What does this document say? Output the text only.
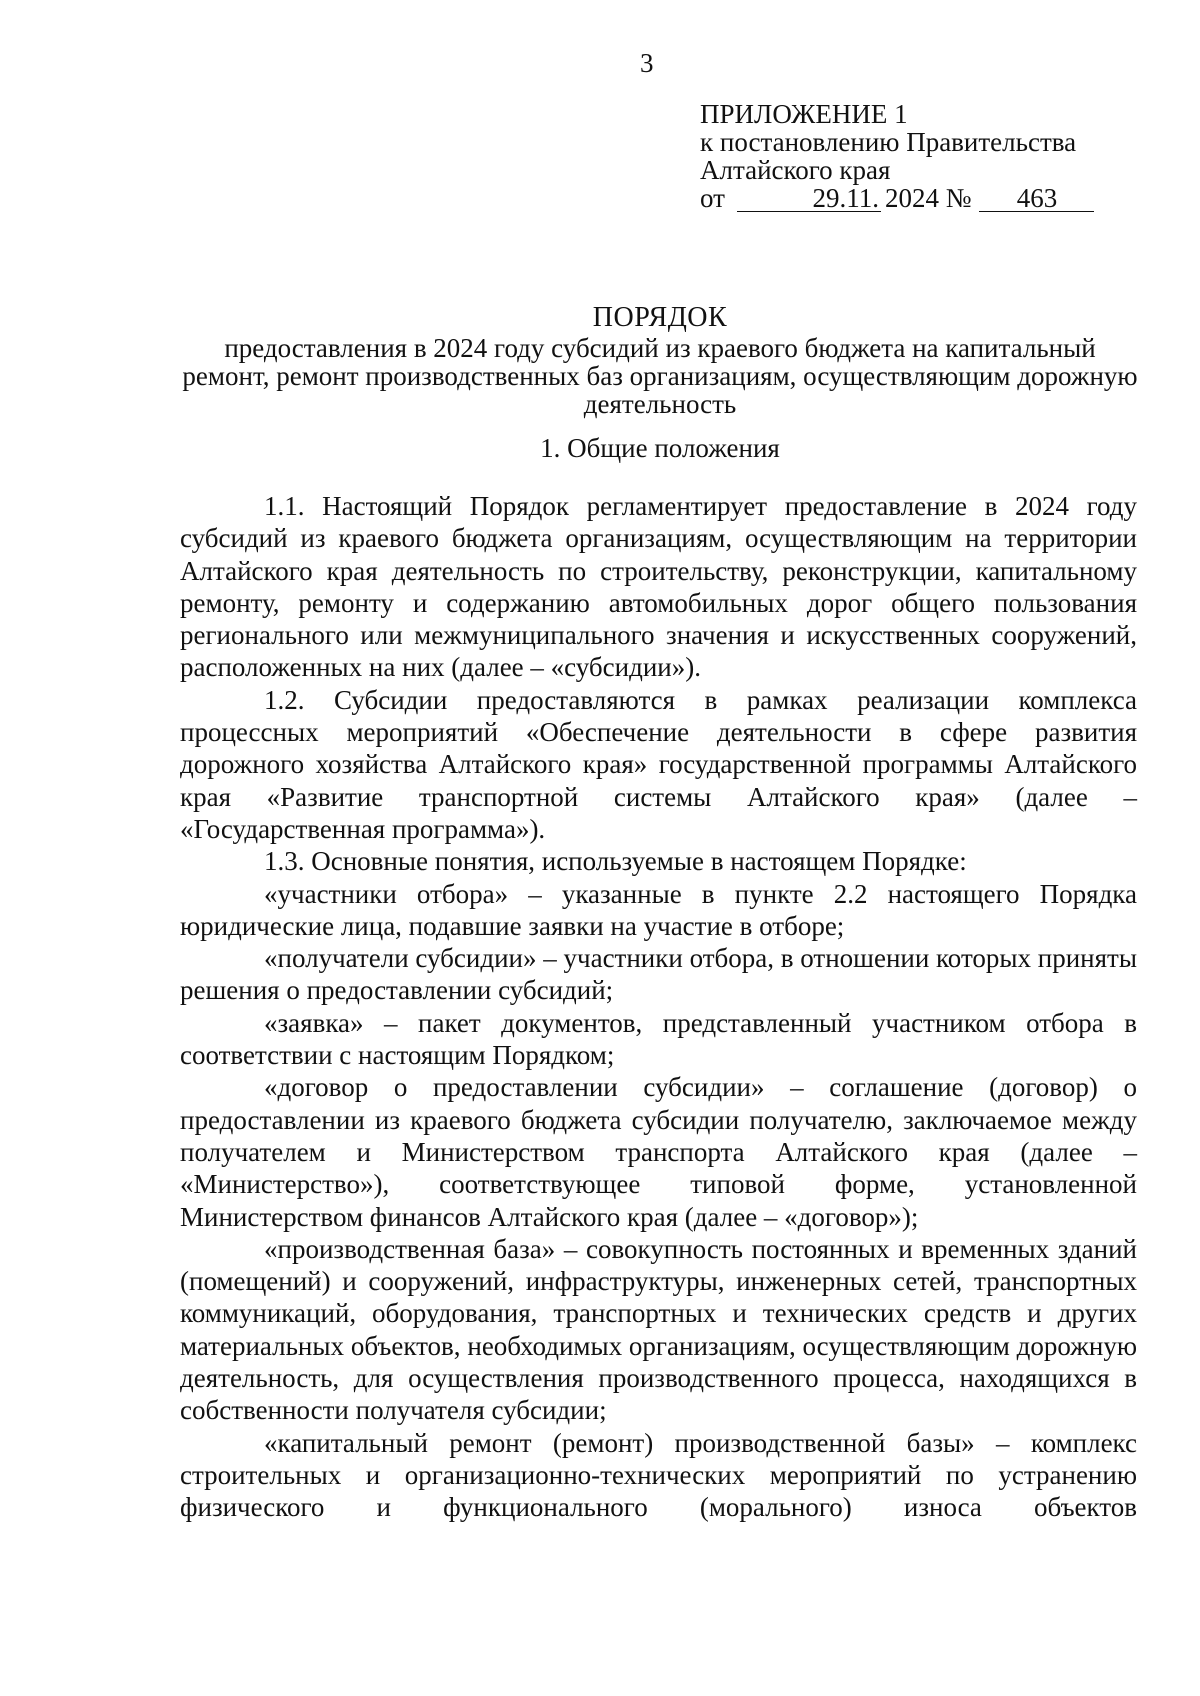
3
ПРИЛОЖЕНИЕ 1
к постановлению Правительства
Алтайского края
от	29.11. 2024 №	463
ПОРЯДОК
предоставления в 2024 году субсидий из краевого бюджета на капитальный ремонт, ремонт производственных баз организациям, осуществляющим дорожную деятельность
1. Общие положения

1.1. Настоящий Порядок регламентирует предоставление в 2024 году субсидий из краевого бюджета организациям, осуществляющим на территории Алтайского края деятельность по строительству, реконструкции, капитальному ремонту, ремонту и содержанию автомобильных дорог общего пользования регионального или межмуниципального значения и искусственных сооружений, расположенных на них (далее – «субсидии»).

1.2. Субсидии предоставляются в рамках реализации комплекса процессных мероприятий «Обеспечение деятельности в сфере развития дорожного хозяйства Алтайского края» государственной программы Алтайского края «Развитие транспортной системы Алтайского края» (далее – «Государственная программа»).

1.3. Основные понятия, используемые в настоящем Порядке:

«участники отбора» – указанные в пункте 2.2 настоящего Порядка юридические лица, подавшие заявки на участие в отборе;

«получатели субсидии» – участники отбора, в отношении которых приняты решения о предоставлении субсидий;

«заявка» – пакет документов, представленный участником отбора в соответствии с настоящим Порядком;

«договор о предоставлении субсидии» – соглашение (договор) о предоставлении из краевого бюджета субсидии получателю, заключаемое между получателем и Министерством транспорта Алтайского края (далее – «Министерство»), соответствующее типовой форме, установленной Министерством финансов Алтайского края (далее – «договор»);

«производственная база» – совокупность постоянных и временных зданий (помещений) и сооружений, инфраструктуры, инженерных сетей, транспортных коммуникаций, оборудования, транспортных и технических средств и других материальных объектов, необходимых организациям, осуществляющим дорожную деятельность, для осуществления производственного процесса, находящихся в собственности получателя субсидии;

«капитальный ремонт (ремонт) производственной базы» – комплекс строительных и организационно-технических мероприятий по устранению физического и функционального (морального) износа объектов
